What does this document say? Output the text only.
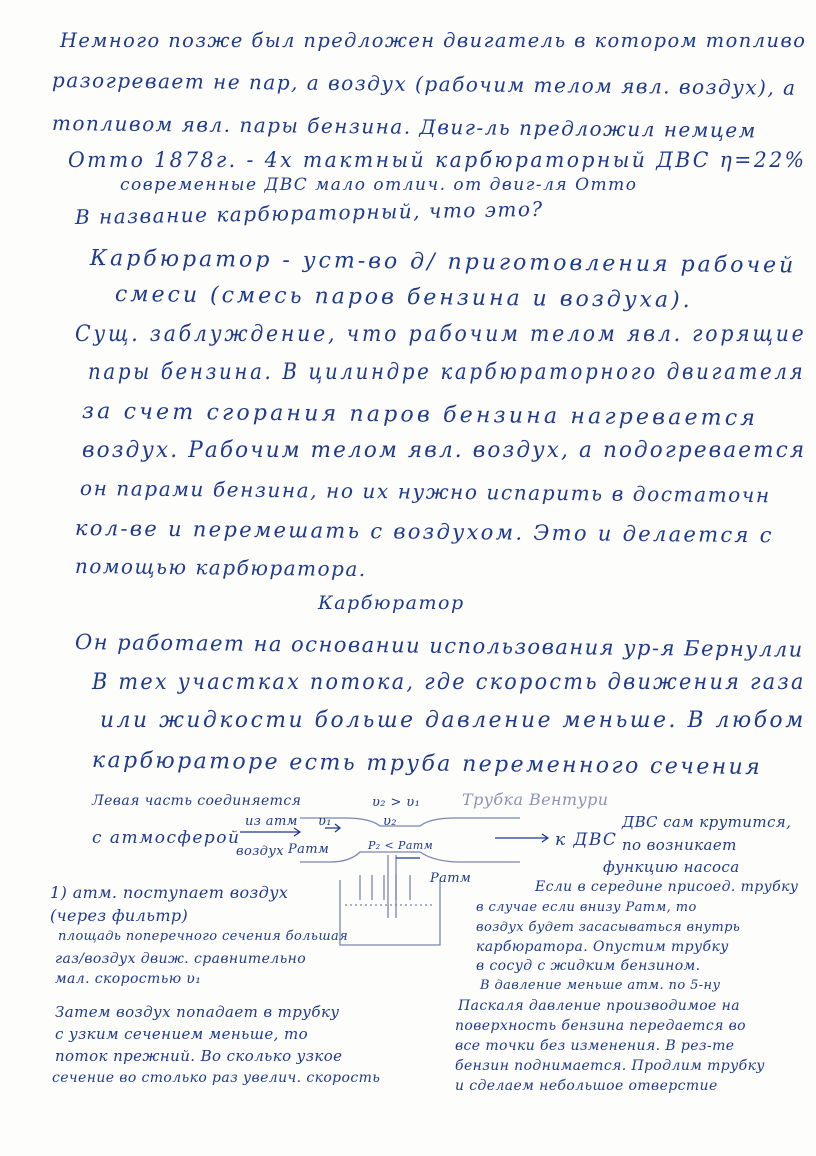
Немного позже был предложен двигатель в котором топливо
разогревает не пар, а воздух (рабочим телом явл. воздух), а
топливом явл. пары бензина. Двиг-ль предложил немцем
Отто 1878г. - 4х тактный карбюраторный ДВС η=22%
современные ДВС мало отлич. от двиг-ля Отто
В название карбюраторный, что это?
Карбюратор - уст-во д/ приготовления рабочей
смеси (смесь паров бензина и воздуха).
Сущ. заблуждение, что рабочим телом явл. горящие
пары бензина. В цилиндре карбюраторного двигателя
за счет сгорания паров бензина нагревается
воздух. Рабочим телом явл. воздух, а подогревается
он парами бензина, но их нужно испарить в достаточн
кол-ве и перемешать с воздухом. Это и делается с
помощью карбюратора.
Карбюратор
Он работает на основании использования ур-я Бернулли
В тех участках потока, где скорость движения газа
или жидкости больше давление меньше. В любом
карбюраторе есть труба переменного сечения
Левая часть соединяется
с атмосферой
из атм
воздух
υ₁
Pатм
υ₂ > υ₁
υ₂
P₂ < Pатм
Трубка Вентури
Pатм
к ДВС
ДВС сам крутится,
по возникает
функцию насоса
1) атм. поступает воздух
(через фильтр)
площадь поперечного сечения большая
газ/воздух движ. сравнительно
мал. скоростью υ₁
Затем воздух попадает в трубку
с узким сечением меньше, то
поток прежний. Во сколько узкое
сечение во столько раз увелич. скорость
Если в середине присоед. трубку
в случае если внизу Pатм, то
воздух будет засасываться внутрь
карбюратора. Опустим трубку
в сосуд с жидким бензином.
В давление меньше атм. по 5-ну
Паскаля давление производимое на
поверхность бензина передается во
все точки без изменения. В рез-те
бензин поднимается. Продлим трубку
и сделаем небольшое отверстие
